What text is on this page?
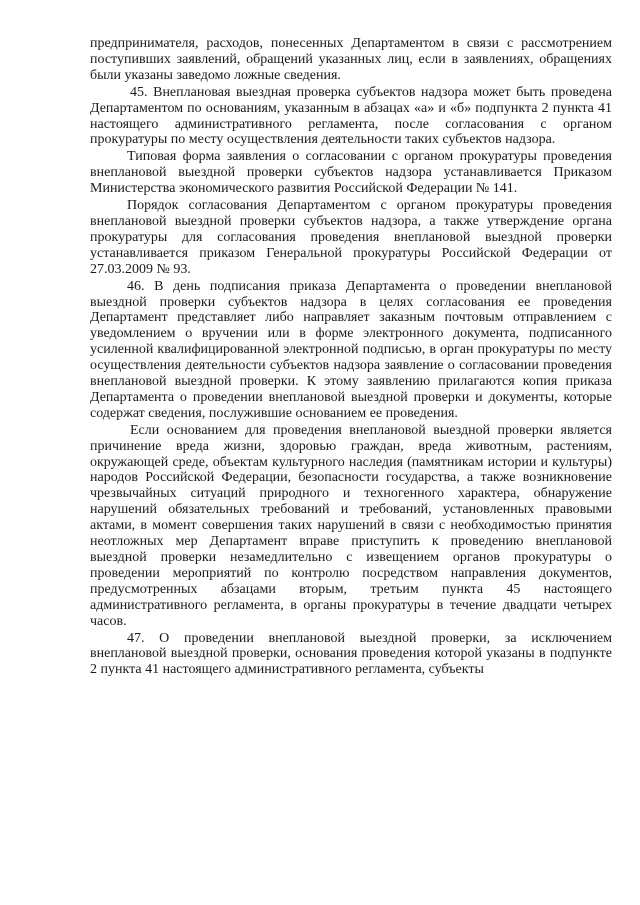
предпринимателя, расходов, понесенных Департаментом в связи с рассмотрением поступивших заявлений, обращений указанных лиц, если в заявлениях, обращениях были указаны заведомо ложные сведения.

45. Внеплановая выездная проверка субъектов надзора может быть проведена Департаментом по основаниям, указанным в абзацах «а» и «б» подпункта 2 пункта 41 настоящего административного регламента, после согласования с органом прокуратуры по месту осуществления деятельности таких субъектов надзора.

Типовая форма заявления о согласовании с органом прокуратуры проведения внеплановой выездной проверки субъектов надзора устанавливается Приказом Министерства экономического развития Российской Федерации № 141.

Порядок согласования Департаментом с органом прокуратуры проведения внеплановой выездной проверки субъектов надзора, а также утверждение органа прокуратуры для согласования проведения внеплановой выездной проверки устанавливается приказом Генеральной прокуратуры Российской Федерации от 27.03.2009 № 93.

46. В день подписания приказа Департамента о проведении внеплановой выездной проверки субъектов надзора в целях согласования ее проведения Департамент представляет либо направляет заказным почтовым отправлением с уведомлением о вручении или в форме электронного документа, подписанного усиленной квалифицированной электронной подписью, в орган прокуратуры по месту осуществления деятельности субъектов надзора заявление о согласовании проведения внеплановой выездной проверки. К этому заявлению прилагаются копия приказа Департамента о проведении внеплановой выездной проверки и документы, которые содержат сведения, послужившие основанием ее проведения.

Если основанием для проведения внеплановой выездной проверки является причинение вреда жизни, здоровью граждан, вреда животным, растениям, окружающей среде, объектам культурного наследия (памятникам истории и культуры) народов Российской Федерации, безопасности государства, а также возникновение чрезвычайных ситуаций природного и техногенного характера, обнаружение нарушений обязательных требований и требований, установленных правовыми актами, в момент совершения таких нарушений в связи с необходимостью принятия неотложных мер Департамент вправе приступить к проведению внеплановой выездной проверки незамедлительно с извещением органов прокуратуры о проведении мероприятий по контролю посредством направления документов, предусмотренных абзацами вторым, третьим пункта 45 настоящего административного регламента, в органы прокуратуры в течение двадцати четырех часов.

47. О проведении внеплановой выездной проверки, за исключением внеплановой выездной проверки, основания проведения которой указаны в подпункте 2 пункта 41 настоящего административного регламента, субъекты
